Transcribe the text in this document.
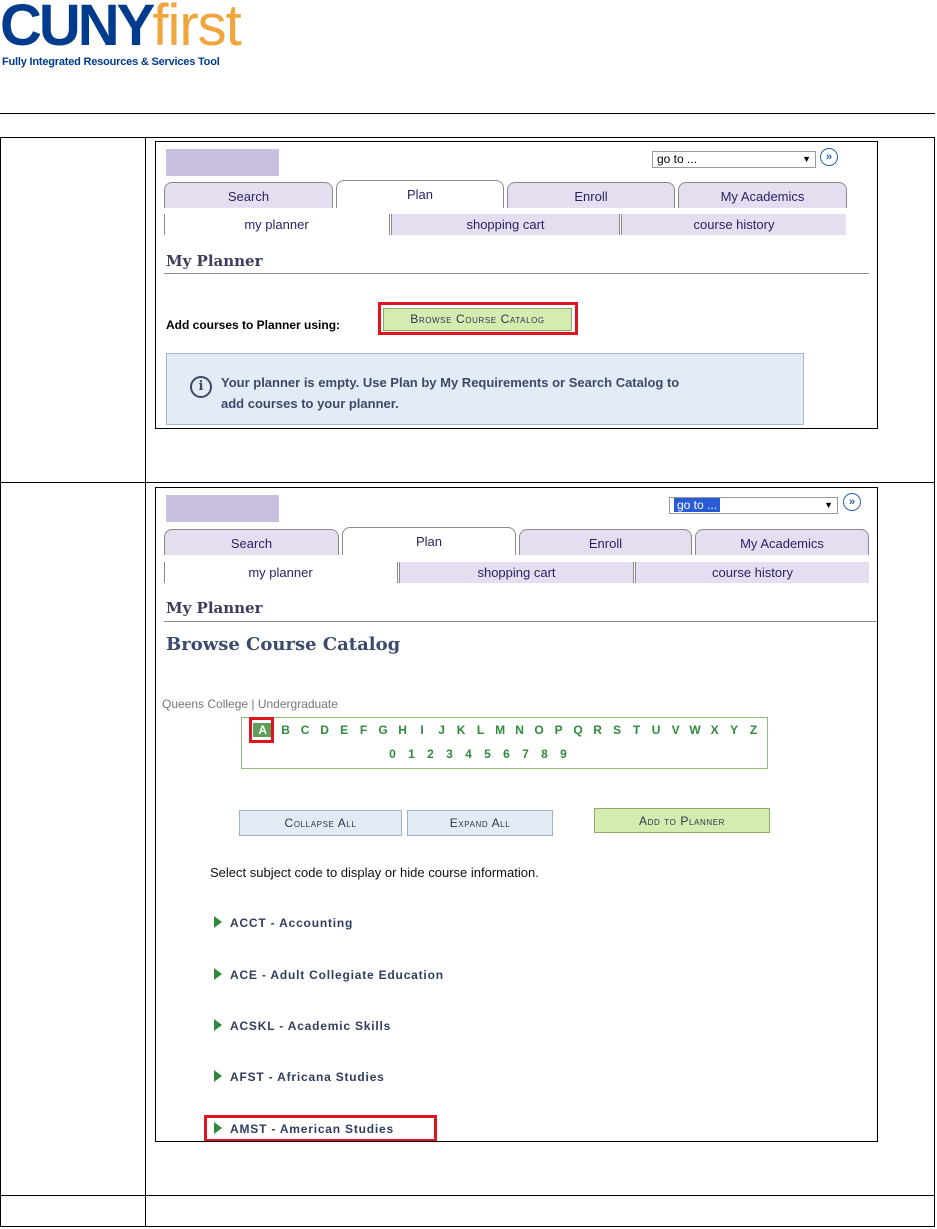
CUNYfirst
Fully Integrated Resources & Services Tool
go to ...	▼	»
Search	Plan	Enroll	My Academics
my planner	shopping cart	course history
My Planner
Add courses to Planner using:	Browse Course Catalog
i	Your planner is empty. Use Plan by My Requirements or Search Catalog to
add courses to your planner.
go to ...	▼	»
Search	Plan	Enroll	My Academics
my planner	shopping cart	course history
My Planner
Browse Course Catalog
Queens College | Undergraduate
A B C D E F G H I J K L M N O P Q R S T U V W X Y Z
0 1 2 3 4 5 6 7 8 9
Collapse All	Expand All	Add to Planner
Select subject code to display or hide course information.
ACCT - Accounting
ACE - Adult Collegiate Education
ACSKL - Academic Skills
AFST - Africana Studies
AMST - American Studies
